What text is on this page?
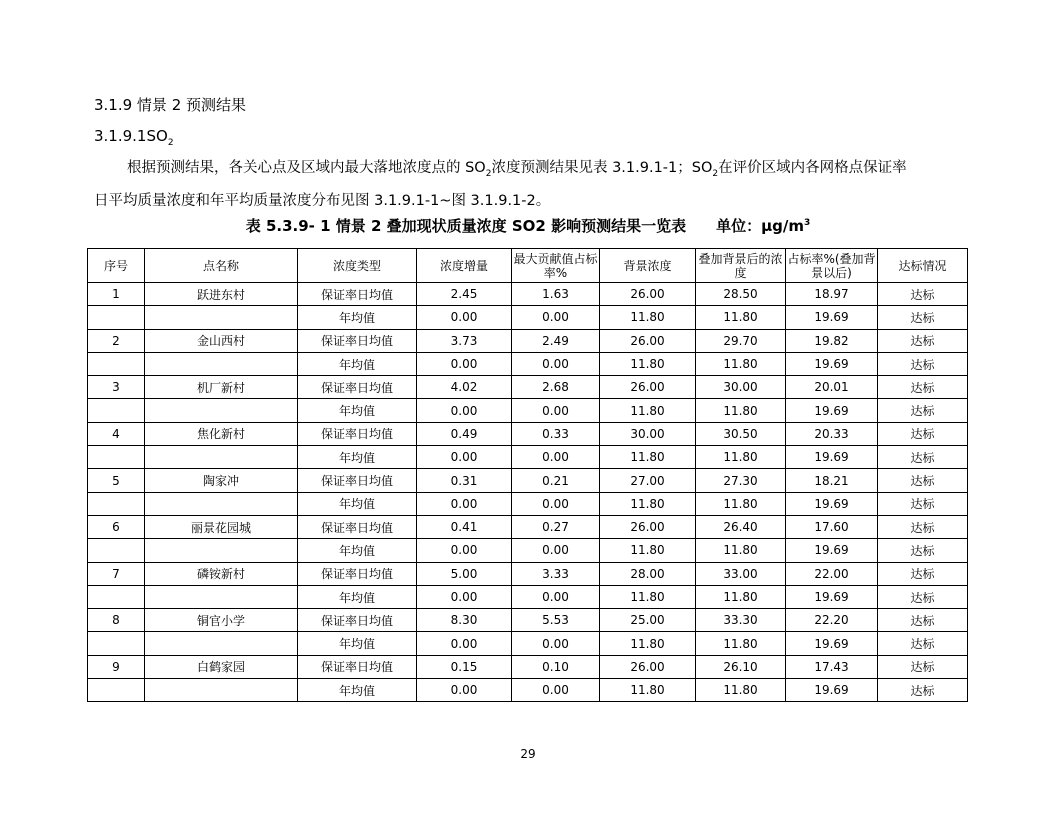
3.1.9 情景 2 预测结果
$3.1.9.1SO_2$
根据预测结果，各关心点及区域内最大落地浓度点的 $SO_2$浓度预测结果见表 3.1.9.1-1；$SO_2$在评价区域内各网格点保证率
日平均质量浓度和年平均质量浓度分布见图 3.1.9.1-1~图 3.1.9.1-2。
表 5.3.9- 1 情景 2 叠加现状质量浓度 SO2 影响预测结果一览表 单位：$\mu g/m^3$
序号	点名称	浓度类型	浓度增量	最大贡献值占标率%	背景浓度	叠加背景后的浓度	占标率%(叠加背景以后)	达标情况
1	跃进东村	保证率日均值	2.45	1.63	26.00	28.50	18.97	达标
		年均值	0.00	0.00	11.80	11.80	19.69	达标
2	金山西村	保证率日均值	3.73	2.49	26.00	29.70	19.82	达标
		年均值	0.00	0.00	11.80	11.80	19.69	达标
3	机厂新村	保证率日均值	4.02	2.68	26.00	30.00	20.01	达标
		年均值	0.00	0.00	11.80	11.80	19.69	达标
4	焦化新村	保证率日均值	0.49	0.33	30.00	30.50	20.33	达标
		年均值	0.00	0.00	11.80	11.80	19.69	达标
5	陶家冲	保证率日均值	0.31	0.21	27.00	27.30	18.21	达标
		年均值	0.00	0.00	11.80	11.80	19.69	达标
6	丽景花园城	保证率日均值	0.41	0.27	26.00	26.40	17.60	达标
		年均值	0.00	0.00	11.80	11.80	19.69	达标
7	磷铵新村	保证率日均值	5.00	3.33	28.00	33.00	22.00	达标
		年均值	0.00	0.00	11.80	11.80	19.69	达标
8	铜官小学	保证率日均值	8.30	5.53	25.00	33.30	22.20	达标
		年均值	0.00	0.00	11.80	11.80	19.69	达标
9	白鹤家园	保证率日均值	0.15	0.10	26.00	26.10	17.43	达标
		年均值	0.00	0.00	11.80	11.80	19.69	达标
29
